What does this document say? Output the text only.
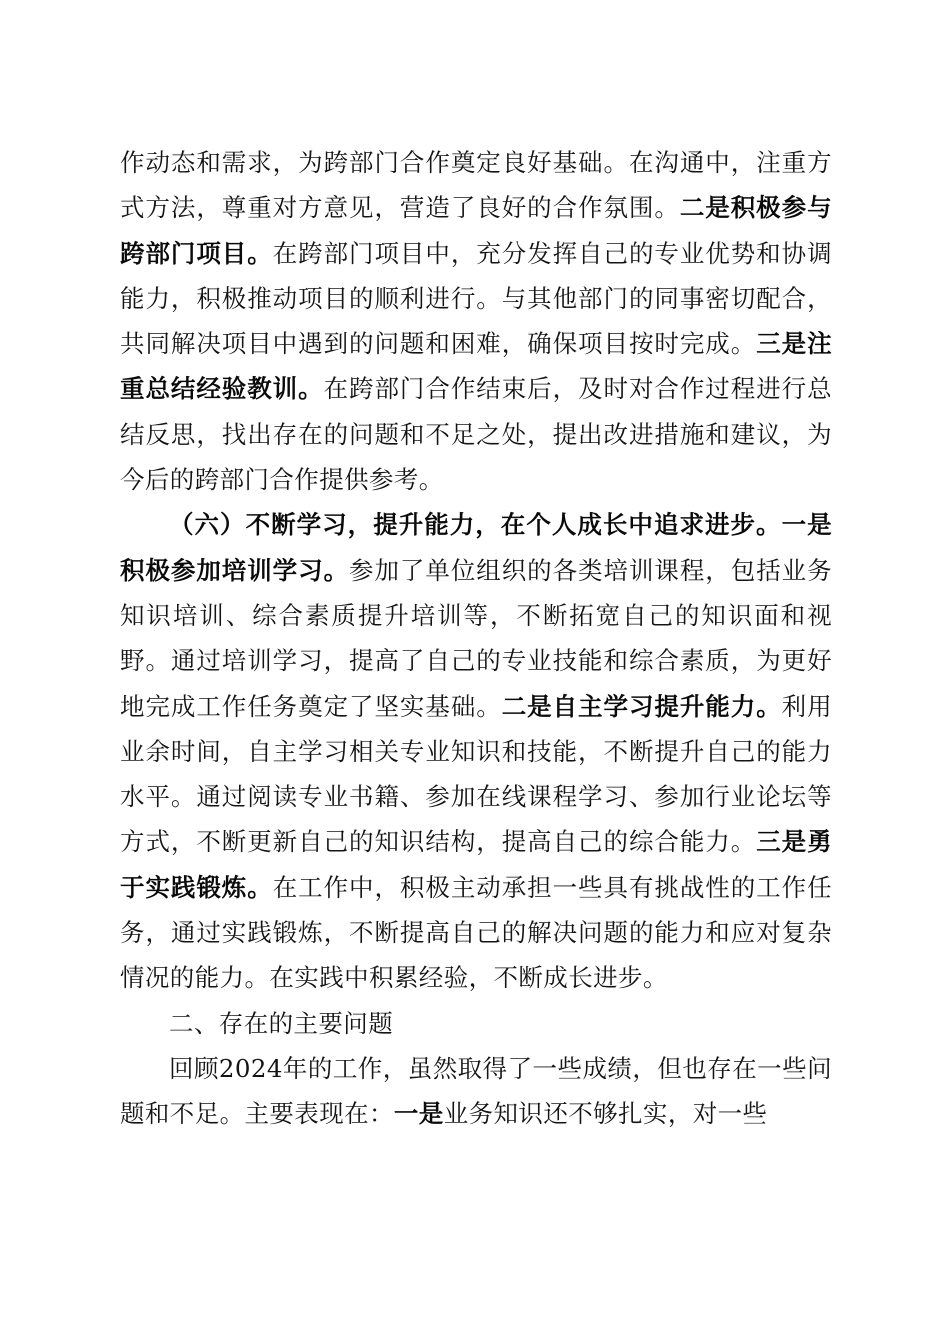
作动态和需求，为跨部门合作奠定良好基础。在沟通中，注重方式方法，尊重对方意见，营造了良好的合作氛围。二是积极参与跨部门项目。在跨部门项目中，充分发挥自己的专业优势和协调能力，积极推动项目的顺利进行。与其他部门的同事密切配合，共同解决项目中遇到的问题和困难，确保项目按时完成。三是注重总结经验教训。在跨部门合作结束后，及时对合作过程进行总结反思，找出存在的问题和不足之处，提出改进措施和建议，为今后的跨部门合作提供参考。

（六）不断学习，提升能力，在个人成长中追求进步。一是积极参加培训学习。参加了单位组织的各类培训课程，包括业务知识培训、综合素质提升培训等，不断拓宽自己的知识面和视野。通过培训学习，提高了自己的专业技能和综合素质，为更好地完成工作任务奠定了坚实基础。二是自主学习提升能力。利用业余时间，自主学习相关专业知识和技能，不断提升自己的能力水平。通过阅读专业书籍、参加在线课程学习、参加行业论坛等方式，不断更新自己的知识结构，提高自己的综合能力。三是勇于实践锻炼。在工作中，积极主动承担一些具有挑战性的工作任务，通过实践锻炼，不断提高自己的解决问题的能力和应对复杂情况的能力。在实践中积累经验，不断成长进步。

二、存在的主要问题

回顾2024年的工作，虽然取得了一些成绩，但也存在一些问题和不足。主要表现在：一是业务知识还不够扎实，对一些
